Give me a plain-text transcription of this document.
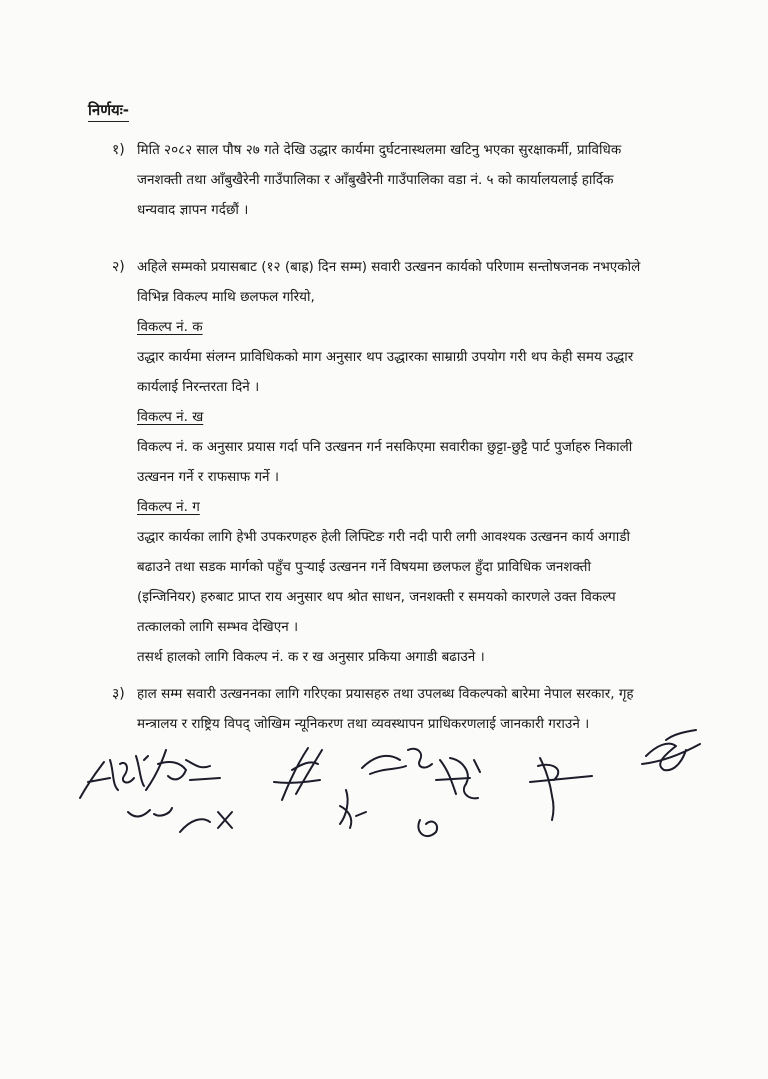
निर्णयः-
१) मिति २०८२ साल पौष २७ गते देखि उद्धार कार्यमा दुर्घटनास्थलमा खटिनु भएका सुरक्षाकर्मी, प्राविधिक
जनशक्ती तथा आँबुखैरेनी गाउँपालिका र आँबुखैरेनी गाउँपालिका वडा नं. ५ को कार्यालयलाई हार्दिक
धन्यवाद ज्ञापन गर्दछौं ।
२) अहिले सम्मको प्रयासबाट (१२ (बाह्र) दिन सम्म) सवारी उत्खनन कार्यको परिणाम सन्तोषजनक नभएकोले
विभिन्न विकल्प माथि छलफल गरियो,
विकल्प नं. क
उद्धार कार्यमा संलग्न प्राविधिकको माग अनुसार थप उद्धारका साम्राग्री उपयोग गरी थप केही समय उद्धार
कार्यलाई निरन्तरता दिने ।
विकल्प नं. ख
विकल्प नं. क अनुसार प्रयास गर्दा पनि उत्खनन गर्न नसकिएमा सवारीका छुट्टा-छुट्टै पार्ट पुर्जाहरु निकाली
उत्खनन गर्ने र राफसाफ गर्ने ।
विकल्प नं. ग
उद्धार कार्यका लागि हेभी उपकरणहरु हेली लिफ्टिङ गरी नदी पारी लगी आवश्यक उत्खनन कार्य अगाडी
बढाउने तथा सडक मार्गको पहुँच पुऱ्याई उत्खनन गर्ने विषयमा छलफल हुँदा प्राविधिक जनशक्ती
(इन्जिनियर) हरुबाट प्राप्त राय अनुसार थप श्रोत साधन, जनशक्ती र समयको कारणले उक्त विकल्प
तत्कालको लागि सम्भव देखिएन ।
तसर्थ हालको लागि विकल्प नं. क र ख अनुसार प्रकिया अगाडी बढाउने ।
३) हाल सम्म सवारी उत्खननका लागि गरिएका प्रयासहरु तथा उपलब्ध विकल्पको बारेमा नेपाल सरकार, गृह
मन्त्रालय र राष्ट्रिय विपद् जोखिम न्यूनिकरण तथा व्यवस्थापन प्राधिकरणलाई जानकारी गराउने ।
